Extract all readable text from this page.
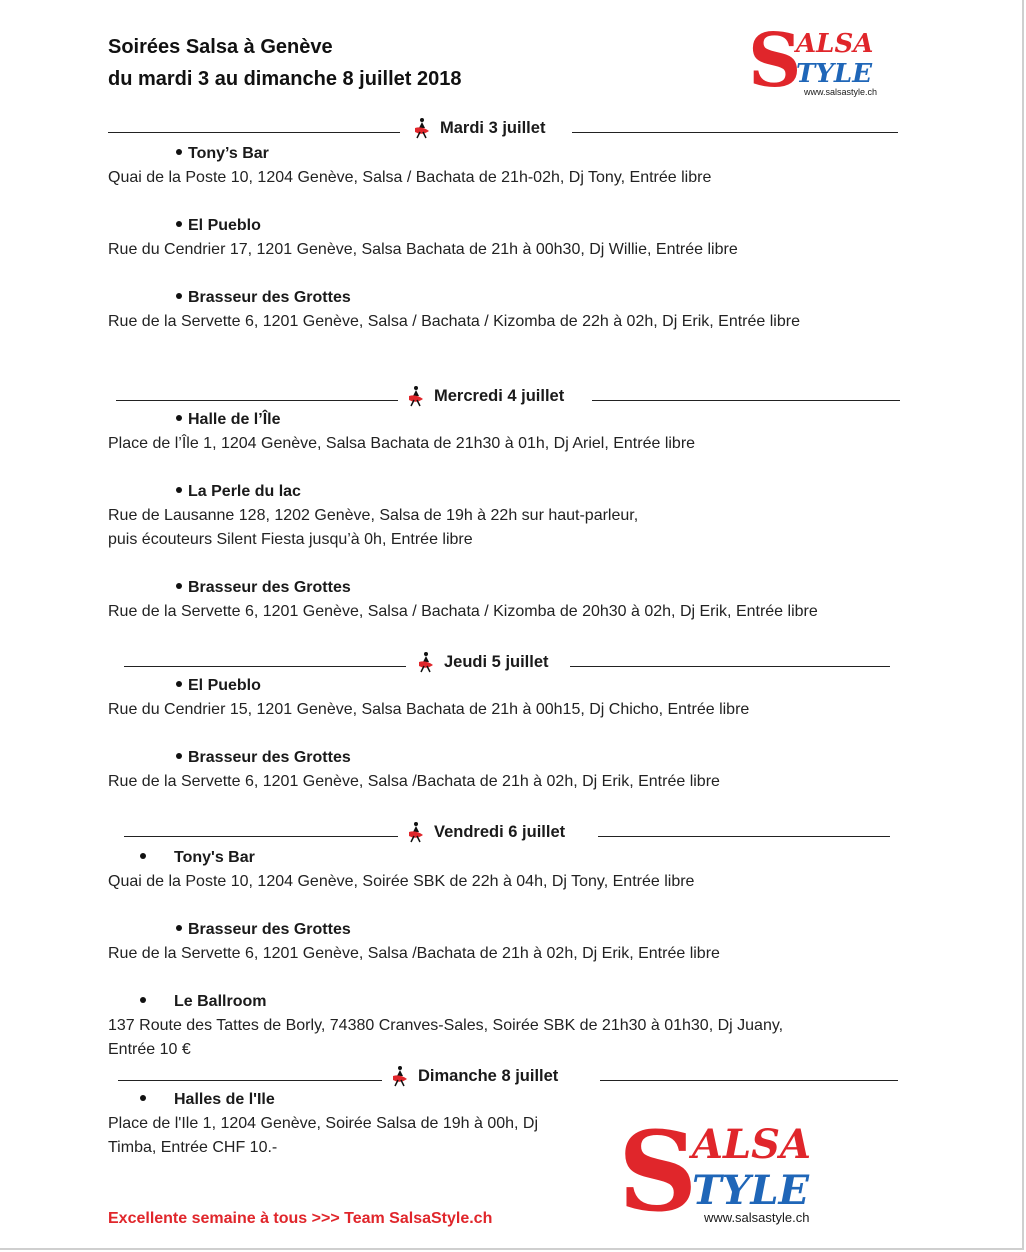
Soirées Salsa à Genève
du mardi 3 au dimanche 8 juillet 2018	S
ALSA
TYLE
www.salsastyle.ch
Mardi 3 juillet
Tony’s Bar
Quai de la Poste 10, 1204 Genève, Salsa / Bachata de 21h-02h, Dj Tony, Entrée libre
El Pueblo
Rue du Cendrier 17, 1201 Genève, Salsa Bachata de 21h à 00h30, Dj Willie, Entrée libre
Brasseur des Grottes
Rue de la Servette 6, 1201 Genève, Salsa / Bachata / Kizomba de 22h à 02h, Dj Erik, Entrée libre
Mercredi 4 juillet
Halle de l’Île
Place de l’Île 1, 1204 Genève, Salsa Bachata de 21h30 à 01h, Dj Ariel, Entrée libre
La Perle du lac
Rue de Lausanne 128, 1202 Genève, Salsa de 19h à 22h sur haut-parleur,
puis écouteurs Silent Fiesta jusqu’à 0h, Entrée libre
Brasseur des Grottes
Rue de la Servette 6, 1201 Genève, Salsa / Bachata / Kizomba de 20h30 à 02h, Dj Erik, Entrée libre
Jeudi 5 juillet
El Pueblo
Rue du Cendrier 15, 1201 Genève, Salsa Bachata de 21h à 00h15, Dj Chicho, Entrée libre
Brasseur des Grottes
Rue de la Servette 6, 1201 Genève, Salsa /Bachata de 21h à 02h, Dj Erik, Entrée libre
Vendredi 6 juillet
Tony's Bar
Quai de la Poste 10, 1204 Genève, Soirée SBK de 22h à 04h, Dj Tony, Entrée libre
Brasseur des Grottes
Rue de la Servette 6, 1201 Genève, Salsa /Bachata de 21h à 02h, Dj Erik, Entrée libre
Le Ballroom
137 Route des Tattes de Borly, 74380 Cranves-Sales, Soirée SBK de 21h30 à 01h30, Dj Juany,
Entrée 10 €
Dimanche 8 juillet
Halles de l'Ile
Place de l'Ile 1, 1204 Genève, Soirée Salsa de 19h à 00h, Dj
Timba, Entrée CHF 10.-	S
ALSA
TYLE
www.salsastyle.ch
Excellente semaine à tous >>> Team SalsaStyle.ch
